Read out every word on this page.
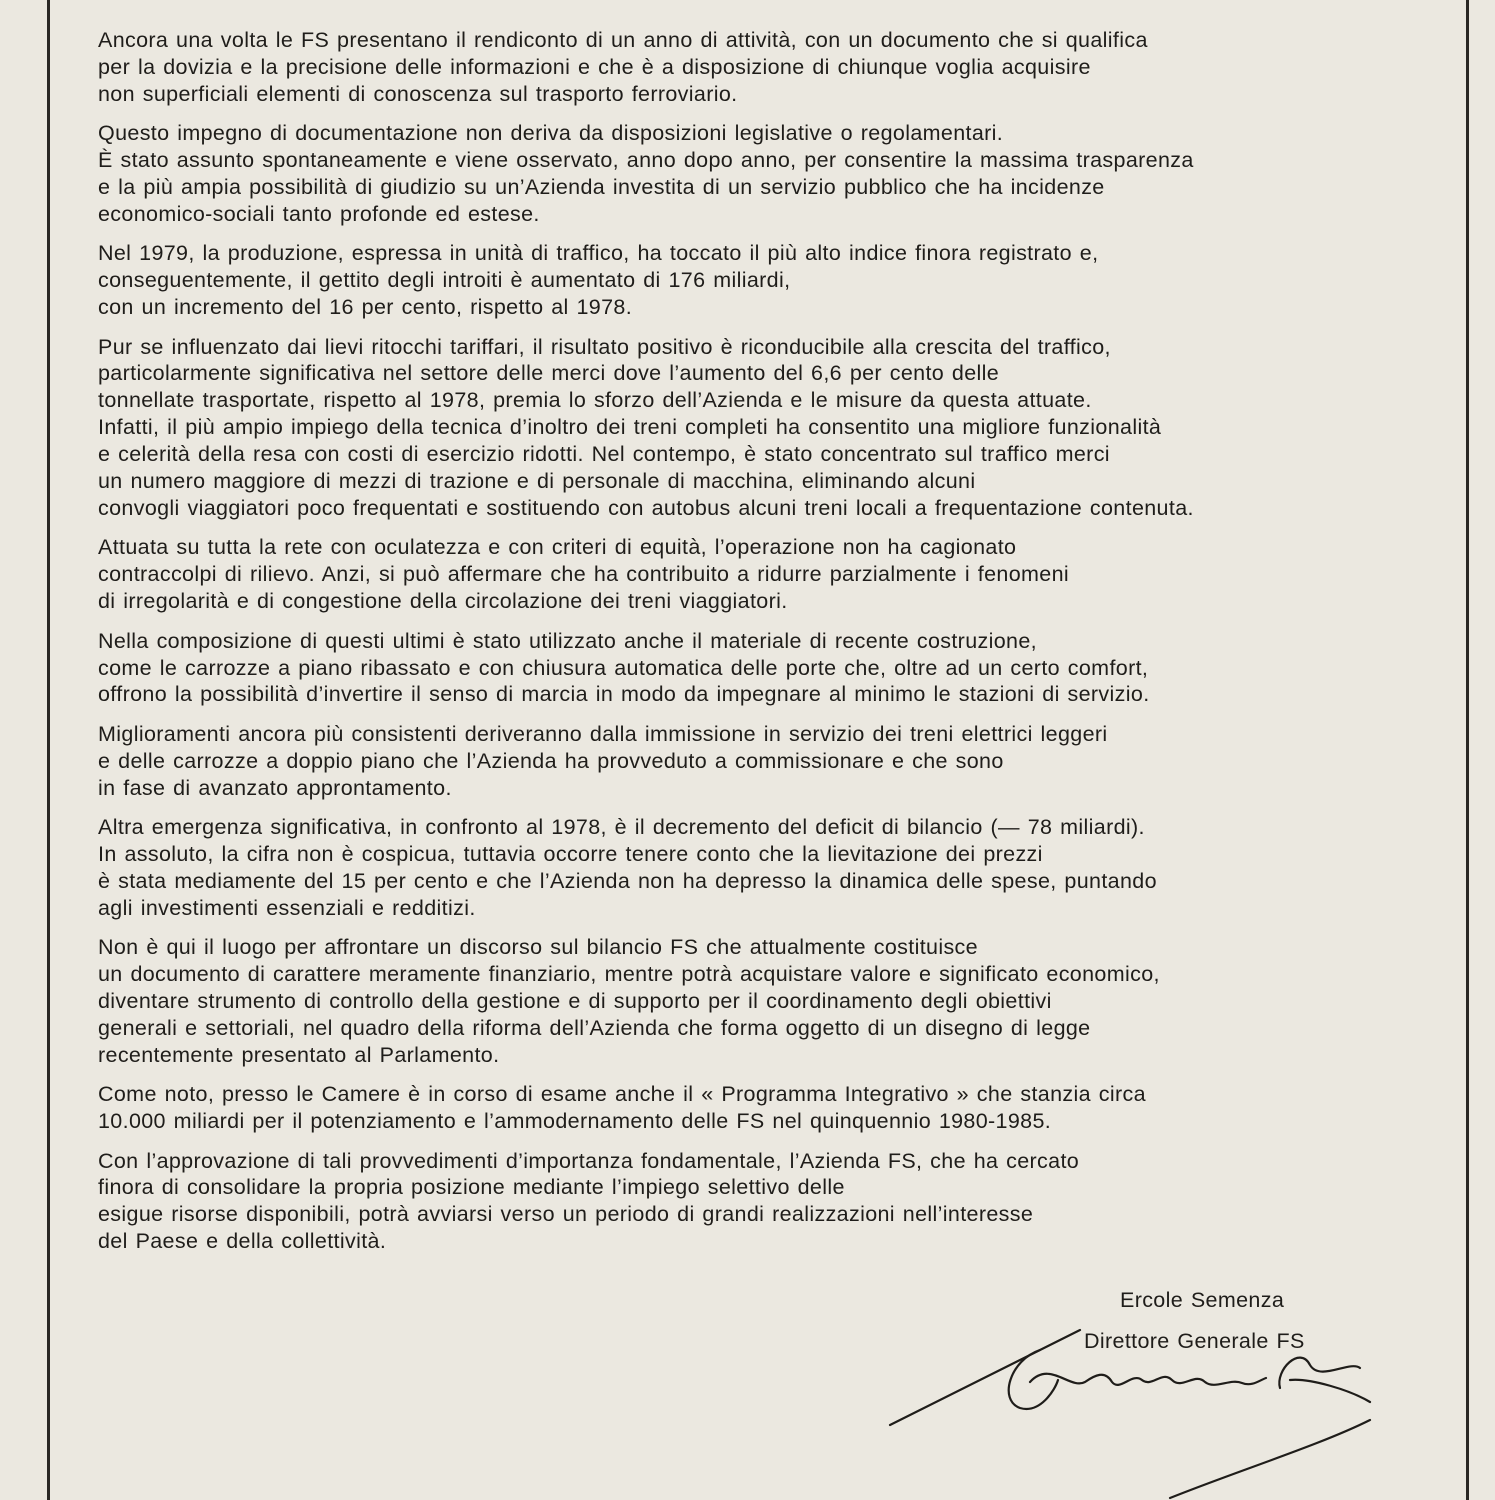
Ancora una volta le FS presentano il rendiconto di un anno di attività, con un documento che si qualifica
per la dovizia e la precisione delle informazioni e che è a disposizione di chiunque voglia acquisire
non superficiali elementi di conoscenza sul trasporto ferroviario.

Questo impegno di documentazione non deriva da disposizioni legislative o regolamentari.
È stato assunto spontaneamente e viene osservato, anno dopo anno, per consentire la massima trasparenza
e la più ampia possibilità di giudizio su un’Azienda investita di un servizio pubblico che ha incidenze
economico-sociali tanto profonde ed estese.

Nel 1979, la produzione, espressa in unità di traffico, ha toccato il più alto indice finora registrato e,
conseguentemente, il gettito degli introiti è aumentato di 176 miliardi,
con un incremento del 16 per cento, rispetto al 1978.

Pur se influenzato dai lievi ritocchi tariffari, il risultato positivo è riconducibile alla crescita del traffico,
particolarmente significativa nel settore delle merci dove l’aumento del 6,6 per cento delle
tonnellate trasportate, rispetto al 1978, premia lo sforzo dell’Azienda e le misure da questa attuate.
Infatti, il più ampio impiego della tecnica d’inoltro dei treni completi ha consentito una migliore funzionalità
e celerità della resa con costi di esercizio ridotti. Nel contempo, è stato concentrato sul traffico merci
un numero maggiore di mezzi di trazione e di personale di macchina, eliminando alcuni
convogli viaggiatori poco frequentati e sostituendo con autobus alcuni treni locali a frequentazione contenuta.

Attuata su tutta la rete con oculatezza e con criteri di equità, l’operazione non ha cagionato
contraccolpi di rilievo. Anzi, si può affermare che ha contribuito a ridurre parzialmente i fenomeni
di irregolarità e di congestione della circolazione dei treni viaggiatori.

Nella composizione di questi ultimi è stato utilizzato anche il materiale di recente costruzione,
come le carrozze a piano ribassato e con chiusura automatica delle porte che, oltre ad un certo comfort,
offrono la possibilità d’invertire il senso di marcia in modo da impegnare al minimo le stazioni di servizio.

Miglioramenti ancora più consistenti deriveranno dalla immissione in servizio dei treni elettrici leggeri
e delle carrozze a doppio piano che l’Azienda ha provveduto a commissionare e che sono
in fase di avanzato approntamento.

Altra emergenza significativa, in confronto al 1978, è il decremento del deficit di bilancio (— 78 miliardi).
In assoluto, la cifra non è cospicua, tuttavia occorre tenere conto che la lievitazione dei prezzi
è stata mediamente del 15 per cento e che l’Azienda non ha depresso la dinamica delle spese, puntando
agli investimenti essenziali e redditizi.

Non è qui il luogo per affrontare un discorso sul bilancio FS che attualmente costituisce
un documento di carattere meramente finanziario, mentre potrà acquistare valore e significato economico,
diventare strumento di controllo della gestione e di supporto per il coordinamento degli obiettivi
generali e settoriali, nel quadro della riforma dell’Azienda che forma oggetto di un disegno di legge
recentemente presentato al Parlamento.

Come noto, presso le Camere è in corso di esame anche il « Programma Integrativo » che stanzia circa
10.000 miliardi per il potenziamento e l’ammodernamento delle FS nel quinquennio 1980-1985.

Con l’approvazione di tali provvedimenti d’importanza fondamentale, l’Azienda FS, che ha cercato
finora di consolidare la propria posizione mediante l’impiego selettivo delle
esigue risorse disponibili, potrà avviarsi verso un periodo di grandi realizzazioni nell’interesse
del Paese e della collettività.

Ercole Semenza
Direttore Generale FS
